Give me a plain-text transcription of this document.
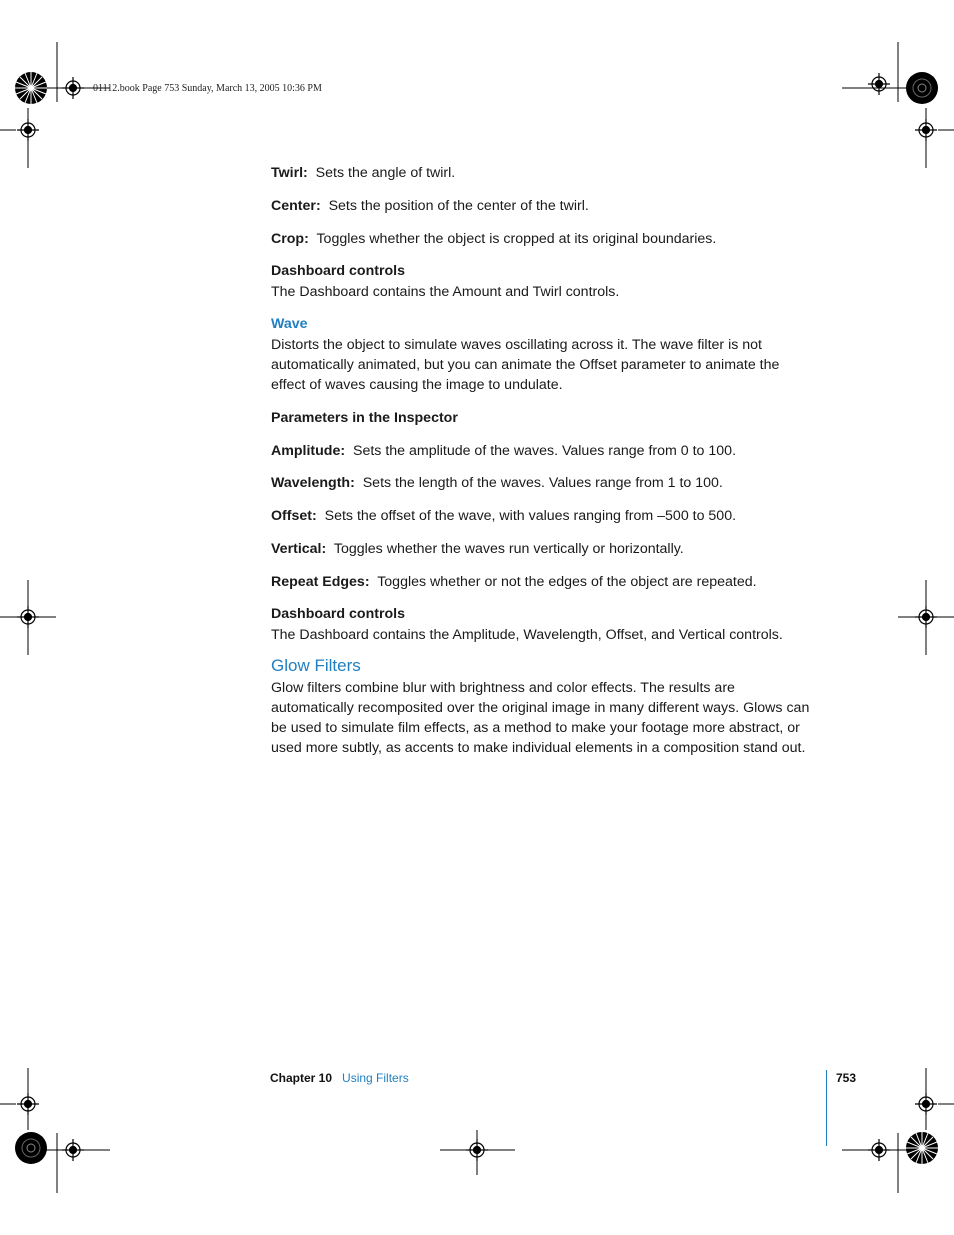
01112.book Page 753 Sunday, March 13, 2005 10:36 PM
Twirl: Sets the angle of twirl.
Center: Sets the position of the center of the twirl.
Crop: Toggles whether the object is cropped at its original boundaries.
Dashboard controls
The Dashboard contains the Amount and Twirl controls.
Wave
Distorts the object to simulate waves oscillating across it. The wave filter is not
automatically animated, but you can animate the Offset parameter to animate the
effect of waves causing the image to undulate.
Parameters in the Inspector
Amplitude: Sets the amplitude of the waves. Values range from 0 to 100.
Wavelength: Sets the length of the waves. Values range from 1 to 100.
Offset: Sets the offset of the wave, with values ranging from –500 to 500.
Vertical: Toggles whether the waves run vertically or horizontally.
Repeat Edges: Toggles whether or not the edges of the object are repeated.
Dashboard controls
The Dashboard contains the Amplitude, Wavelength, Offset, and Vertical controls.
Glow Filters
Glow filters combine blur with brightness and color effects. The results are
automatically recomposited over the original image in many different ways. Glows can
be used to simulate film effects, as a method to make your footage more abstract, or
used more subtly, as accents to make individual elements in a composition stand out.
Chapter 10 Using Filters	753
